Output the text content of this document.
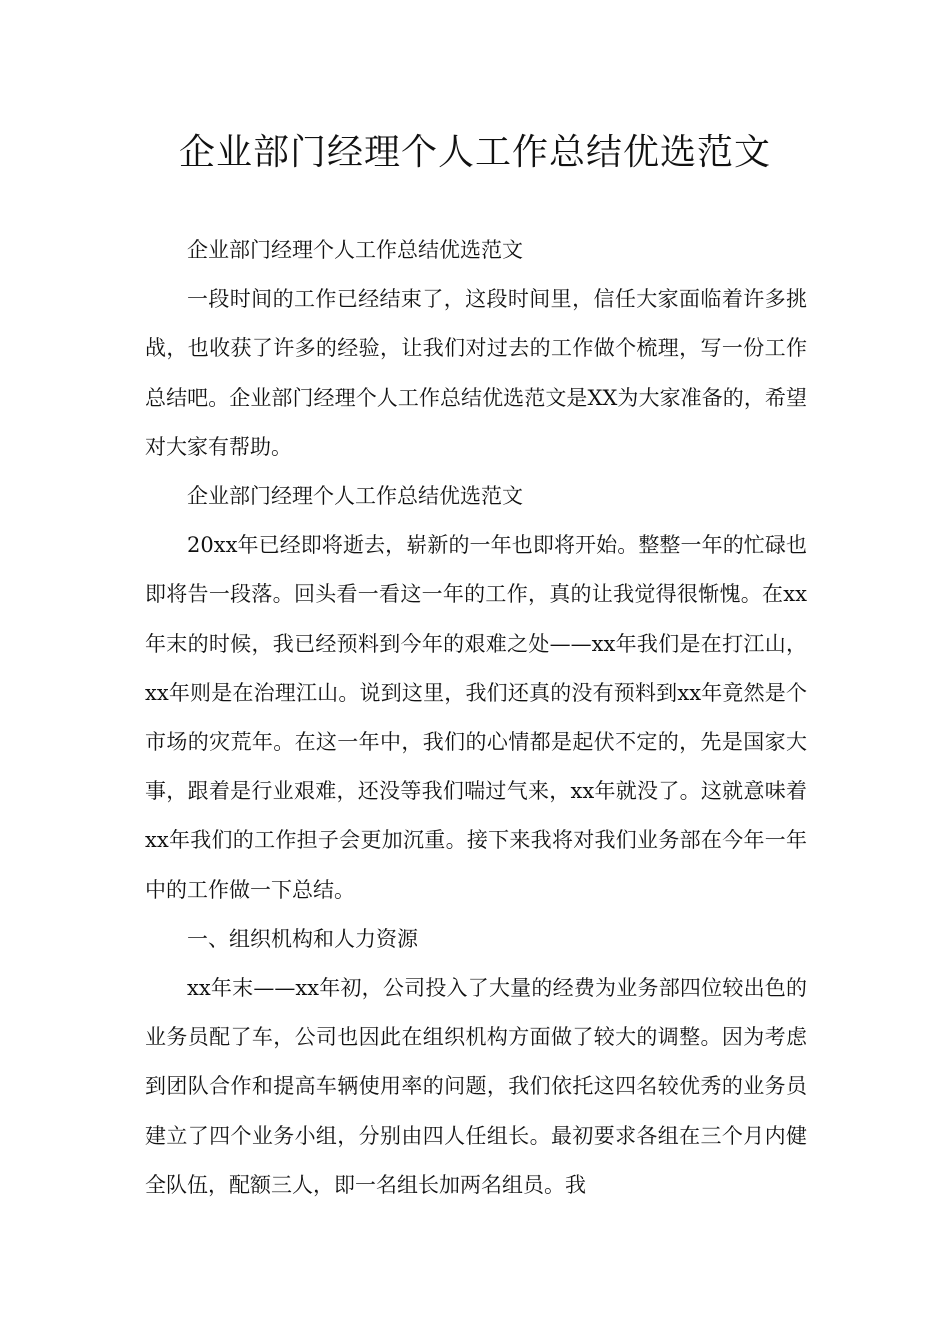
企业部门经理个人工作总结优选范文

企业部门经理个人工作总结优选范文

一段时间的工作已经结束了，这段时间里，信任大家面临着许多挑战，也收获了许多的经验，让我们对过去的工作做个梳理，写一份工作总结吧。企业部门经理个人工作总结优选范文是XX为大家准备的，希望对大家有帮助。

企业部门经理个人工作总结优选范文

20xx年已经即将逝去，崭新的一年也即将开始。整整一年的忙碌也即将告一段落。回头看一看这一年的工作，真的让我觉得很惭愧。在xx年末的时候，我已经预料到今年的艰难之处——xx年我们是在打江山，xx年则是在治理江山。说到这里，我们还真的没有预料到xx年竟然是个市场的灾荒年。在这一年中，我们的心情都是起伏不定的，先是国家大事，跟着是行业艰难，还没等我们喘过气来，xx年就没了。这就意味着xx年我们的工作担子会更加沉重。接下来我将对我们业务部在今年一年中的工作做一下总结。

一、组织机构和人力资源

xx年末——xx年初，公司投入了大量的经费为业务部四位较出色的业务员配了车，公司也因此在组织机构方面做了较大的调整。因为考虑到团队合作和提高车辆使用率的问题，我们依托这四名较优秀的业务员建立了四个业务小组，分别由四人任组长。最初要求各组在三个月内健全队伍，配额三人，即一名组长加两名组员。我
